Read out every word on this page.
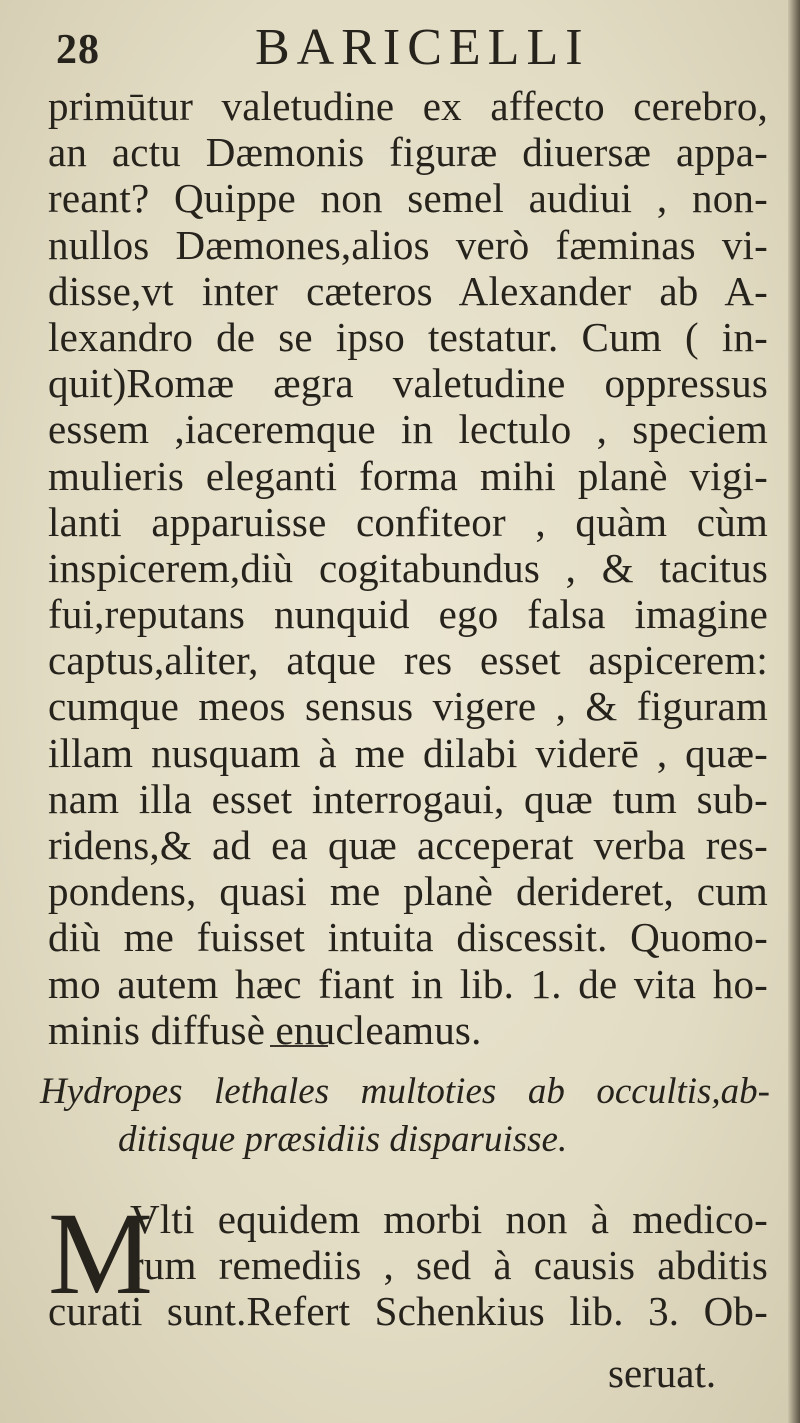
28	BARICELLI
primūtur valetudine ex affecto cerebro,
an actu Dæmonis figuræ diuersæ appa-
reant? Quippe non semel audiui , non-
nullos Dæmones,alios verò fæminas vi-
disse,vt inter cæteros Alexander ab A-
lexandro de se ipso testatur. Cum ( in-
quit)Romæ ægra valetudine oppressus
essem ,iaceremque in lectulo , speciem
mulieris eleganti forma mihi planè vigi-
lanti apparuisse confiteor , quàm cùm
inspicerem,diù cogitabundus , & tacitus
fui,reputans nunquid ego falsa imagine
captus,aliter, atque res esset aspicerem:
cumque meos sensus vigere , & figuram
illam nusquam à me dilabi viderē , quæ-
nam illa esset interrogaui, quæ tum sub-
ridens,& ad ea quæ acceperat verba res-
pondens, quasi me planè derideret, cum
diù me fuisset intuita discessit. Quomo-
mo autem hæc fiant in lib. 1. de vita ho-
minis diffusè enucleamus.
Hydropes lethales multoties ab occultis,ab-
ditisque præsidiis disparuisse.
M
Vlti equidem morbi non à medico-
rum remediis , sed à causis abditis
curati sunt.Refert Schenkius lib. 3. Ob-
seruat.
